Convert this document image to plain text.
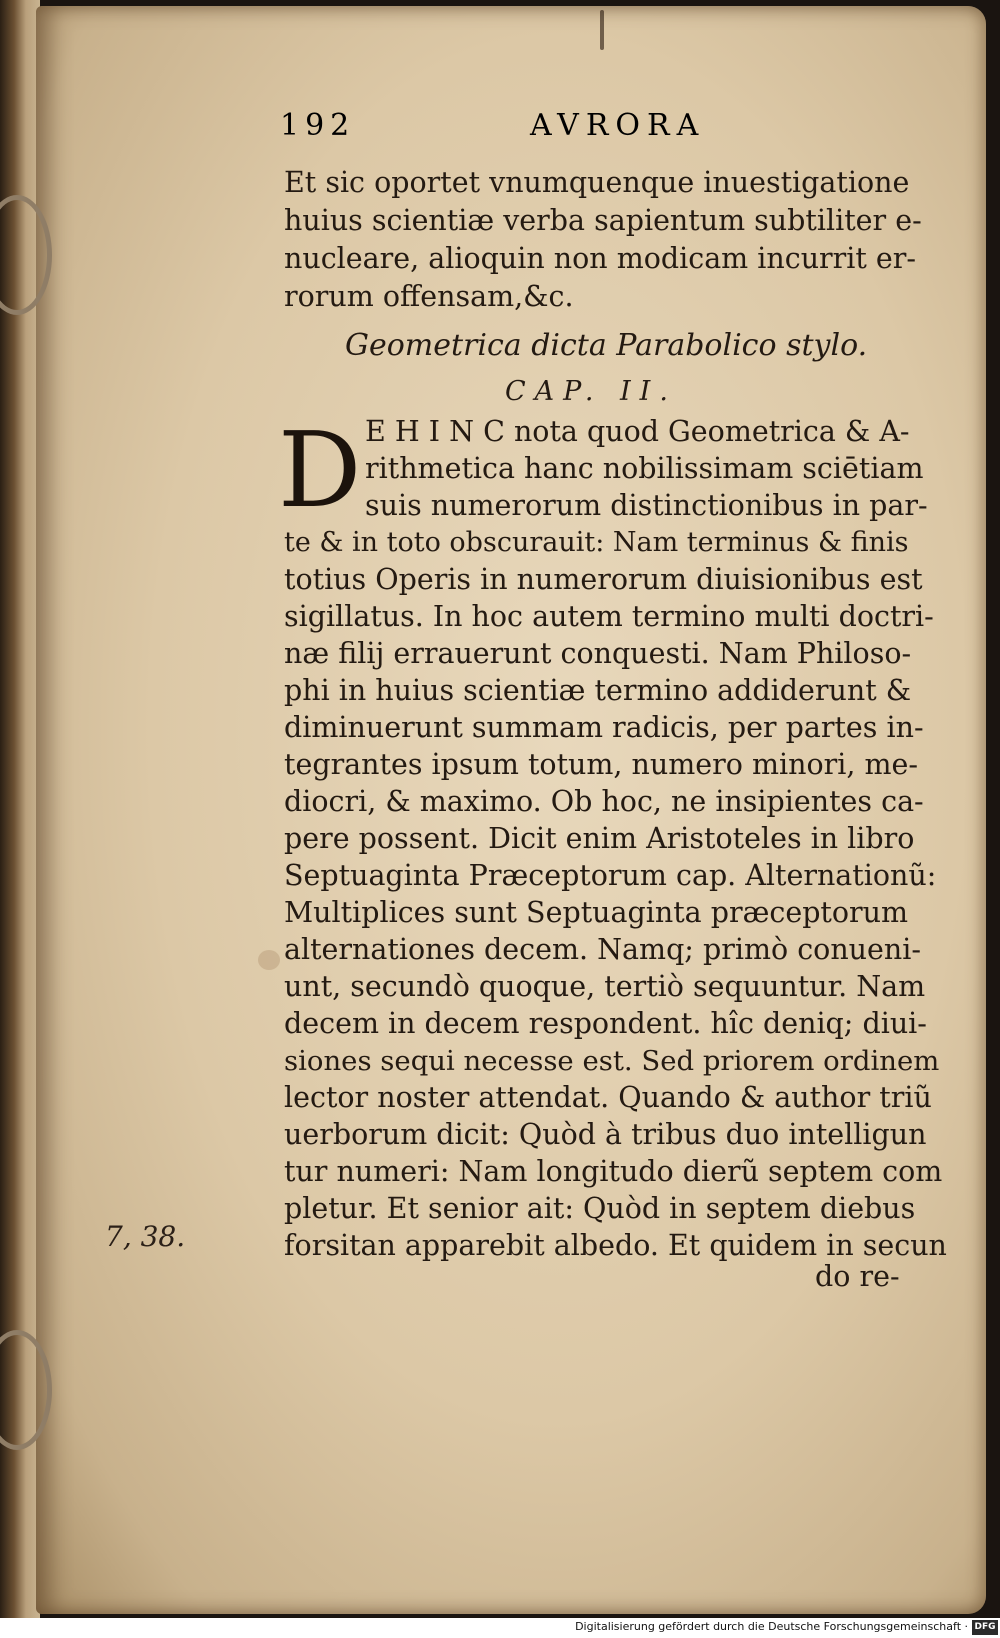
192	AVRORA
Et sic oportet vnumquenque inuestigatione
huius scientiæ verba sapientum subtiliter e-
nucleare, alioquin non modicam incurrit er-
rorum offensam,&c.
Geometrica dicta Parabolico stylo.
CAP. II.
D E H I N C nota quod Geometrica & A-
rithmetica hanc nobilissimam sciētiam
suis numerorum distinctionibus in par-
te & in toto obscurauit: Nam terminus & finis
totius Operis in numerorum diuisionibus est
sigillatus. In hoc autem termino multi doctri-
næ filij errauerunt conquesti. Nam Philoso-
phi in huius scientiæ termino addiderunt &
diminuerunt summam radicis, per partes in-
tegrantes ipsum totum, numero minori, me-
diocri, & maximo. Ob hoc, ne insipientes ca-
pere possent. Dicit enim Aristoteles in libro
Septuaginta Præceptorum cap. Alternationũ:
Multiplices sunt Septuaginta præceptorum
alternationes decem. Namq; primò conueni-
unt, secundò quoque, tertiò sequuntur. Nam
decem in decem respondent. hîc deniq; diui-
siones sequi necesse est. Sed priorem ordinem
lector noster attendat. Quando & author triũ
uerborum dicit: Quòd à tribus duo intelligun
tur numeri: Nam longitudo dierũ septem com
pletur. Et senior ait: Quòd in septem diebus
forsitan apparebit albedo. Et quidem in secun
do re-
7, 38.
Digitalisierung gefördert durch die Deutsche Forschungsgemeinschaft · DFG
